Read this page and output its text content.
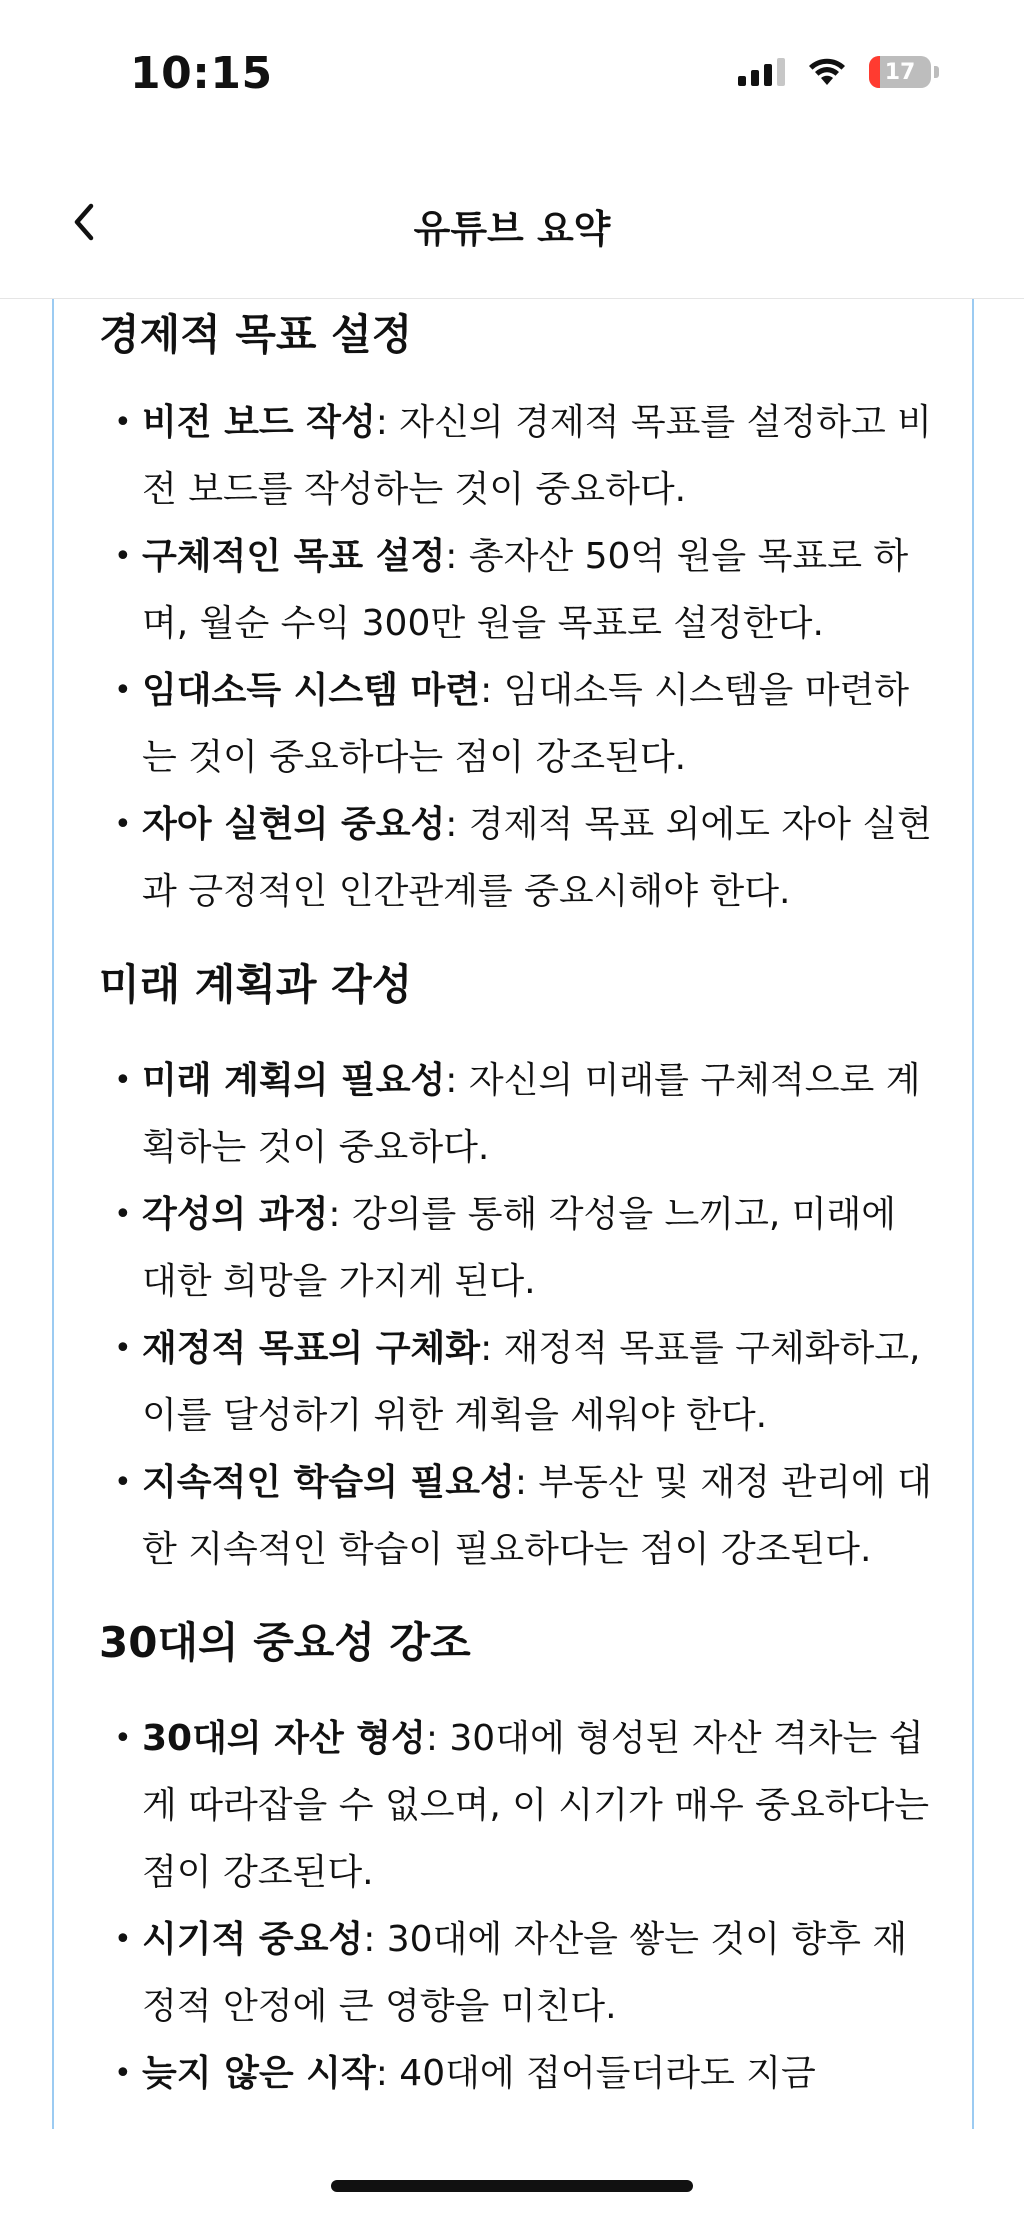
10:15	17
유튜브 요약
경제적 목표 설정
• 비전 보드 작성: 자신의 경제적 목표를 설정하고 비전 보드를 작성하는 것이 중요하다.
• 구체적인 목표 설정: 총자산 50억 원을 목표로 하며, 월순 수익 300만 원을 목표로 설정한다.
• 임대소득 시스템 마련: 임대소득 시스템을 마련하는 것이 중요하다는 점이 강조된다.
• 자아 실현의 중요성: 경제적 목표 외에도 자아 실현과 긍정적인 인간관계를 중요시해야 한다.
미래 계획과 각성
• 미래 계획의 필요성: 자신의 미래를 구체적으로 계획하는 것이 중요하다.
• 각성의 과정: 강의를 통해 각성을 느끼고, 미래에 대한 희망을 가지게 된다.
• 재정적 목표의 구체화: 재정적 목표를 구체화하고, 이를 달성하기 위한 계획을 세워야 한다.
• 지속적인 학습의 필요성: 부동산 및 재정 관리에 대한 지속적인 학습이 필요하다는 점이 강조된다.
30대의 중요성 강조
• 30대의 자산 형성: 30대에 형성된 자산 격차는 쉽게 따라잡을 수 없으며, 이 시기가 매우 중요하다는 점이 강조된다.
• 시기적 중요성: 30대에 자산을 쌓는 것이 향후 재정적 안정에 큰 영향을 미친다.
• 늦지 않은 시작: 40대에 접어들더라도 지금
